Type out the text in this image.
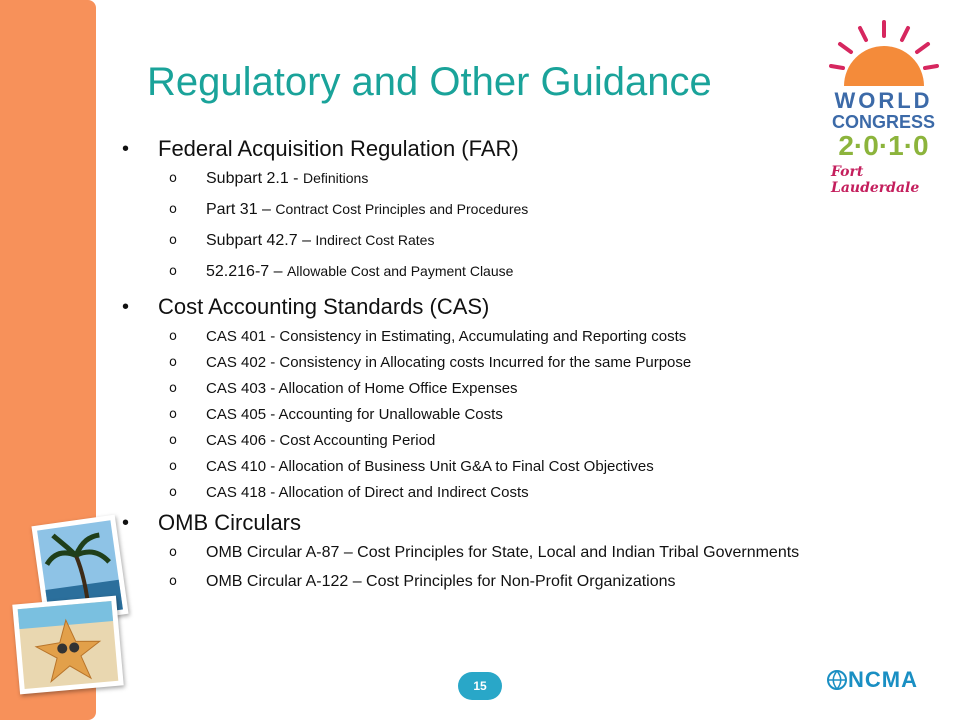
Regulatory and Other Guidance
•	Federal Acquisition Regulation (FAR)
o	Subpart 2.1 - Definitions
o	Part 31 – Contract Cost Principles and Procedures
o	Subpart 42.7 – Indirect Cost Rates
o	52.216-7 – Allowable Cost and Payment Clause
•	Cost Accounting Standards (CAS)
o	CAS 401 - Consistency in Estimating, Accumulating and Reporting costs
o	CAS 402 - Consistency in Allocating costs Incurred for the same Purpose
o	CAS 403 - Allocation of Home Office Expenses
o	CAS 405 - Accounting for Unallowable Costs
o	CAS 406 - Cost Accounting Period
o	CAS 410 - Allocation of Business Unit G&A to Final Cost Objectives
o	CAS 418 - Allocation of Direct and Indirect Costs
•	OMB Circulars
o	OMB Circular A-87 – Cost Principles for State, Local and Indian Tribal Governments
o	OMB Circular A-122 – Cost Principles for Non-Profit Organizations
WORLD
CONGRESS
2·0·1·0
Fort Lauderdale
15	NCMA
